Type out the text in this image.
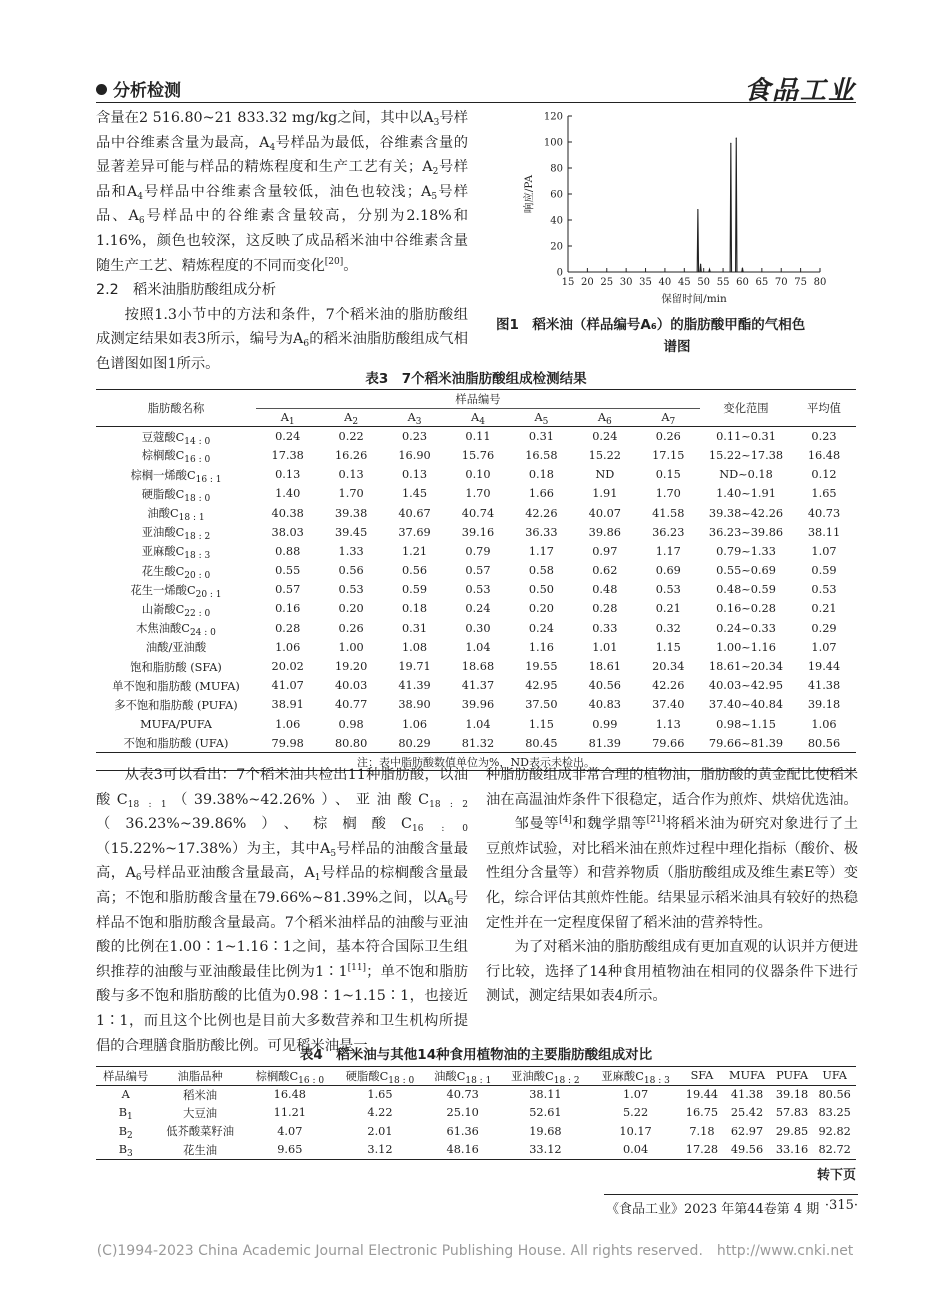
分析检测	食品工业

含量在2 516.80~21 833.32 mg/kg之间，其中以$A_3$号样品中谷维素含量为最高，$A_4$号样品为最低，谷维素含量的显著差异可能与样品的精炼程度和生产工艺有关；$A_2$号样品和$A_4$号样品中谷维素含量较低，油色也较浅；$A_5$号样品、$A_6$号样品中的谷维素含量较高，分别为2.18%和1.16%，颜色也较深，这反映了成品稻米油中谷维素含量随生产工艺、精炼程度的不同而变化[20]。

2.2　稻米油脂肪酸组成分析

按照1.3小节中的方法和条件，7个稻米油的脂肪酸组成测定结果如表3所示，编号为$A_6$的稻米油脂肪酸组成气相色谱图如图1所示。

0
20
40
60
80
100
120
15 20 25 30 35 40 45 50 55 60 65 70 75 80
保留时间/min
响应/PA
图1　稻米油（样品编号A₆）的脂肪酸甲酯的气相色
谱图
表3　7个稻米油脂肪酸组成检测结果
脂肪酸名称	样品编号							变化范围	平均值
	$A_1$	$A_2$	$A_3$	$A_4$	$A_5$	$A_6$	$A_7$
豆蔻酸$C_{14 : 0}$	0.24	0.22	0.23	0.11	0.31	0.24	0.26	0.11~0.31	0.23
棕榈酸$C_{16 : 0}$	17.38	16.26	16.90	15.76	16.58	15.22	17.15	15.22~17.38	16.48
棕榈一烯酸$C_{16 : 1}$	0.13	0.13	0.13	0.10	0.18	ND	0.15	ND~0.18	0.12
硬脂酸$C_{18 : 0}$	1.40	1.70	1.45	1.70	1.66	1.91	1.70	1.40~1.91	1.65
油酸$C_{18 : 1}$	40.38	39.38	40.67	40.74	42.26	40.07	41.58	39.38~42.26	40.73
亚油酸$C_{18 : 2}$	38.03	39.45	37.69	39.16	36.33	39.86	36.23	36.23~39.86	38.11
亚麻酸$C_{18 : 3}$	0.88	1.33	1.21	0.79	1.17	0.97	1.17	0.79~1.33	1.07
花生酸$C_{20 : 0}$	0.55	0.56	0.56	0.57	0.58	0.62	0.69	0.55~0.69	0.59
花生一烯酸$C_{20 : 1}$	0.57	0.53	0.59	0.53	0.50	0.48	0.53	0.48~0.59	0.53
山嵛酸$C_{22 : 0}$	0.16	0.20	0.18	0.24	0.20	0.28	0.21	0.16~0.28	0.21
木焦油酸$C_{24 : 0}$	0.28	0.26	0.31	0.30	0.24	0.33	0.32	0.24~0.33	0.29
油酸/亚油酸	1.06	1.00	1.08	1.04	1.16	1.01	1.15	1.00~1.16	1.07
饱和脂肪酸 (SFA)	20.02	19.20	19.71	18.68	19.55	18.61	20.34	18.61~20.34	19.44
单不饱和脂肪酸 (MUFA)	41.07	40.03	41.39	41.37	42.95	40.56	42.26	40.03~42.95	41.38
多不饱和脂肪酸 (PUFA)	38.91	40.77	38.90	39.96	37.50	40.83	37.40	37.40~40.84	39.18
MUFA/PUFA	1.06	0.98	1.06	1.04	1.15	0.99	1.13	0.98~1.15	1.06
不饱和脂肪酸 (UFA)	79.98	80.80	80.29	81.32	80.45	81.39	79.66	79.66~81.39	80.56
注：表中脂肪酸数值单位为%，ND表示未检出。									

从表3可以看出：7个稻米油共检出11种脂肪酸，以油酸$C_{18 : 1}(39.38\%\sim 42.26\%)$、亚油酸$C_{18 : 2}(36.23\%\sim 39.86\%)$、棕榈酸$C_{16 : 0}(15.22\%\sim 17.38\%)$为主，其中$A_5$号样品的油酸含量最高，$A_6$号样品亚油酸含量最高，$A_1$号样品的棕榈酸含量最高；不饱和脂肪酸含量在79.66%~81.39%之间，以$A_6$号样品不饱和脂肪酸含量最高。7个稻米油样品的油酸与亚油酸的比例在1.00∶1~1.16∶1之间，基本符合国际卫生组织推荐的油酸与亚油酸最佳比例为1∶1[11]；单不饱和脂肪酸与多不饱和脂肪酸的比值为0.98∶1~1.15∶1，也接近1∶1，而且这个比例也是目前大多数营养和卫生机构所提倡的合理膳食脂肪酸比例。可见稻米油是一

种脂肪酸组成非常合理的植物油，脂肪酸的黄金配比使稻米油在高温油炸条件下很稳定，适合作为煎炸、烘焙优选油。

邹曼等[4]和魏学鼎等[21]将稻米油为研究对象进行了土豆煎炸试验，对比稻米油在煎炸过程中理化指标（酸价、极性组分含量等）和营养物质（脂肪酸组成及维生素E等）变化，综合评估其煎炸性能。结果显示稻米油具有较好的热稳定性并在一定程度保留了稻米油的营养特性。

为了对稻米油的脂肪酸组成有更加直观的认识并方便进行比较，选择了14种食用植物油在相同的仪器条件下进行测试，测定结果如表4所示。

表4　稻米油与其他14种食用植物油的主要脂肪酸组成对比
样品编号	油脂品种	棕榈酸$C_{16 : 0}$	硬脂酸$C_{18 : 0}$	油酸$C_{18 : 1}$	亚油酸$C_{18 : 2}$	亚麻酸$C_{18 : 3}$	SFA	MUFA	PUFA	UFA
A	稻米油	16.48	1.65	40.73	38.11	1.07	19.44	41.38	39.18	80.56
$B_1$	大豆油	11.21	4.22	25.10	52.61	5.22	16.75	25.42	57.83	83.25
$B_2$	低芥酸菜籽油	4.07	2.01	61.36	19.68	10.17	7.18	62.97	29.85	92.82
$B_3$	花生油	9.65	3.12	48.16	33.12	0.04	17.28	49.56	33.16	82.72
转下页
《食品工业》2023 年第44卷第 4 期 ·315·
(C)1994-2023 China Academic Journal Electronic Publishing House. All rights reserved.　http://www.cnki.net
